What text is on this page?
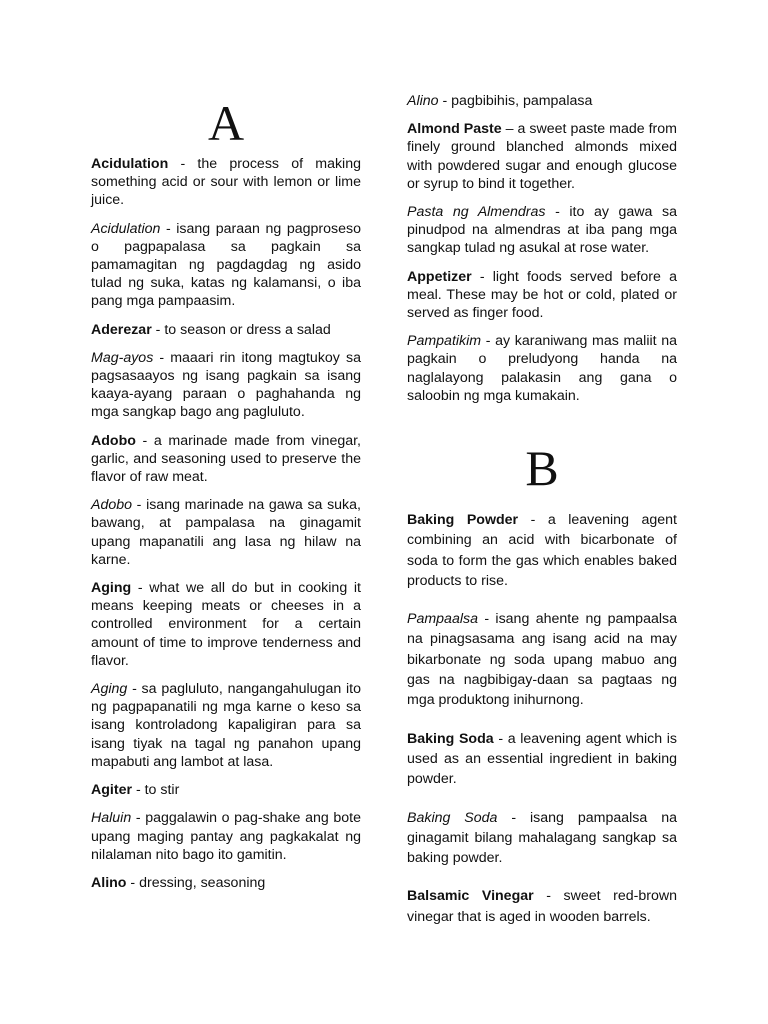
A

Acidulation - the process of making something acid or sour with lemon or lime juice.

Acidulation - isang paraan ng pagproseso o pagpapalasa sa pagkain sa pamamagitan ng pagdagdag ng asido tulad ng suka, katas ng kalamansi, o iba pang mga pampaasim.

Aderezar - to season or dress a salad

Mag-ayos - maaari rin itong magtukoy sa pagsasaayos ng isang pagkain sa isang kaaya-ayang paraan o paghahanda ng mga sangkap bago ang pagluluto.

Adobo - a marinade made from vinegar, garlic, and seasoning used to preserve the flavor of raw meat.

Adobo - isang marinade na gawa sa suka, bawang, at pampalasa na ginagamit upang mapanatili ang lasa ng hilaw na karne.

Aging - what we all do but in cooking it means keeping meats or cheeses in a controlled environment for a certain amount of time to improve tenderness and flavor.

Aging - sa pagluluto, nangangahulugan ito ng pagpapanatili ng mga karne o keso sa isang kontroladong kapaligiran para sa isang tiyak na tagal ng panahon upang mapabuti ang lambot at lasa.

Agiter - to stir

Haluin - paggalawin o pag-shake ang bote upang maging pantay ang pagkakalat ng nilalaman nito bago ito gamitin.

Alino - dressing, seasoning

Alino - pagbibihis, pampalasa

Almond Paste – a sweet paste made from finely ground blanched almonds mixed with powdered sugar and enough glucose or syrup to bind it together.

Pasta ng Almendras - ito ay gawa sa pinudpod na almendras at iba pang mga sangkap tulad ng asukal at rose water.

Appetizer - light foods served before a meal. These may be hot or cold, plated or served as finger food.

Pampatikim - ay karaniwang mas maliit na pagkain o preludyong handa na naglalayong palakasin ang gana o saloobin ng mga kumakain.

B

Baking Powder - a leavening agent combining an acid with bicarbonate of soda to form the gas which enables baked products to rise.

Pampaalsa - isang ahente ng pampaalsa na pinagsasama ang isang acid na may bikarbonate ng soda upang mabuo ang gas na nagbibigay-daan sa pagtaas ng mga produktong inihurnong.

Baking Soda - a leavening agent which is used as an essential ingredient in baking powder.

Baking Soda - isang pampaalsa na ginagamit bilang mahalagang sangkap sa baking powder.

Balsamic Vinegar - sweet red-brown vinegar that is aged in wooden barrels.
